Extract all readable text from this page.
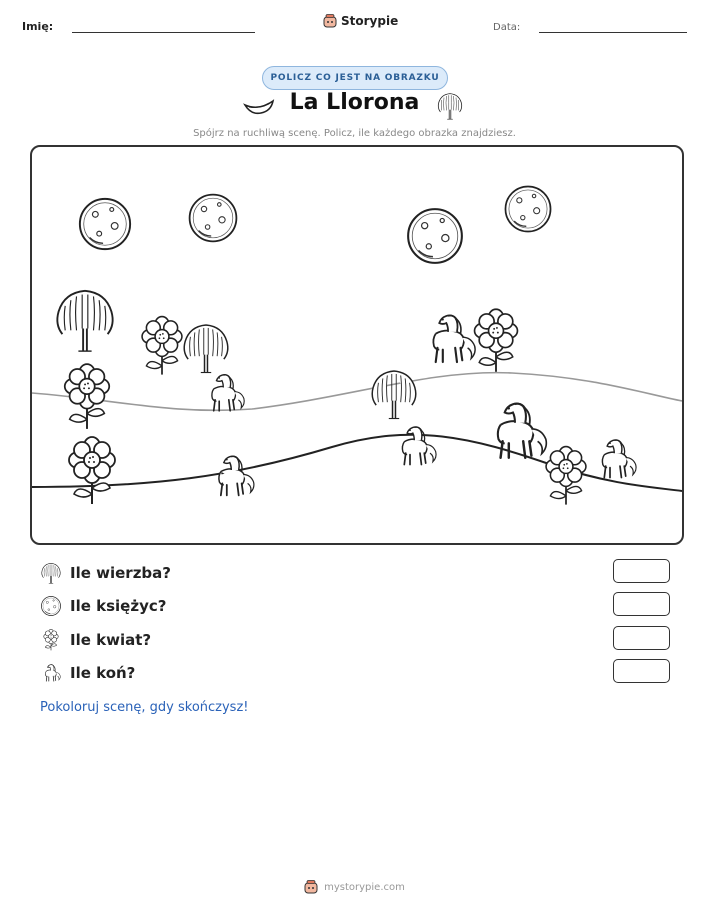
Imię:	Storypie	Data:
POLICZ CO JEST NA OBRAZKU
La Llorona
Spójrz na ruchliwą scenę. Policz, ile każdego obrazka znajdziesz.
Ile wierzba?
Ile księżyc?
Ile kwiat?
Ile koń?
Pokoloruj scenę, gdy skończysz!
mystorypie.com
